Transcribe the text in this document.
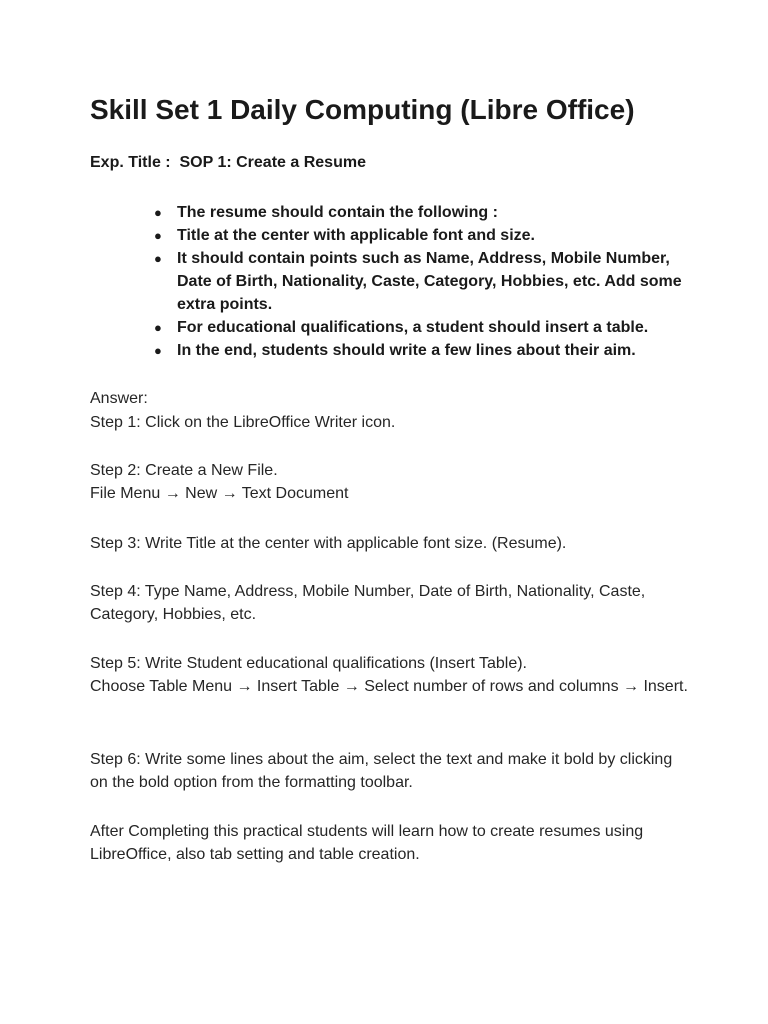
Skill Set 1 Daily Computing (Libre Office)

Exp. Title :  SOP 1: Create a Resume

● The resume should contain the following :
● Title at the center with applicable font and size.
● It should contain points such as Name, Address, Mobile Number, Date of Birth, Nationality, Caste, Category, Hobbies, etc. Add some extra points.
● For educational qualifications, a student should insert a table.
● In the end, students should write a few lines about their aim.

Answer:

Step 1: Click on the LibreOffice Writer icon.

Step 2: Create a New File.

File Menu → New → Text Document

Step 3: Write Title at the center with applicable font size. (Resume).

Step 4: Type Name, Address, Mobile Number, Date of Birth, Nationality, Caste, Category, Hobbies, etc.

Step 5: Write Student educational qualifications (Insert Table).

Choose Table Menu → Insert Table → Select number of rows and columns → Insert.

Step 6: Write some lines about the aim, select the text and make it bold by clicking on the bold option from the formatting toolbar.

After Completing this practical students will learn how to create resumes using LibreOffice, also tab setting and table creation.
